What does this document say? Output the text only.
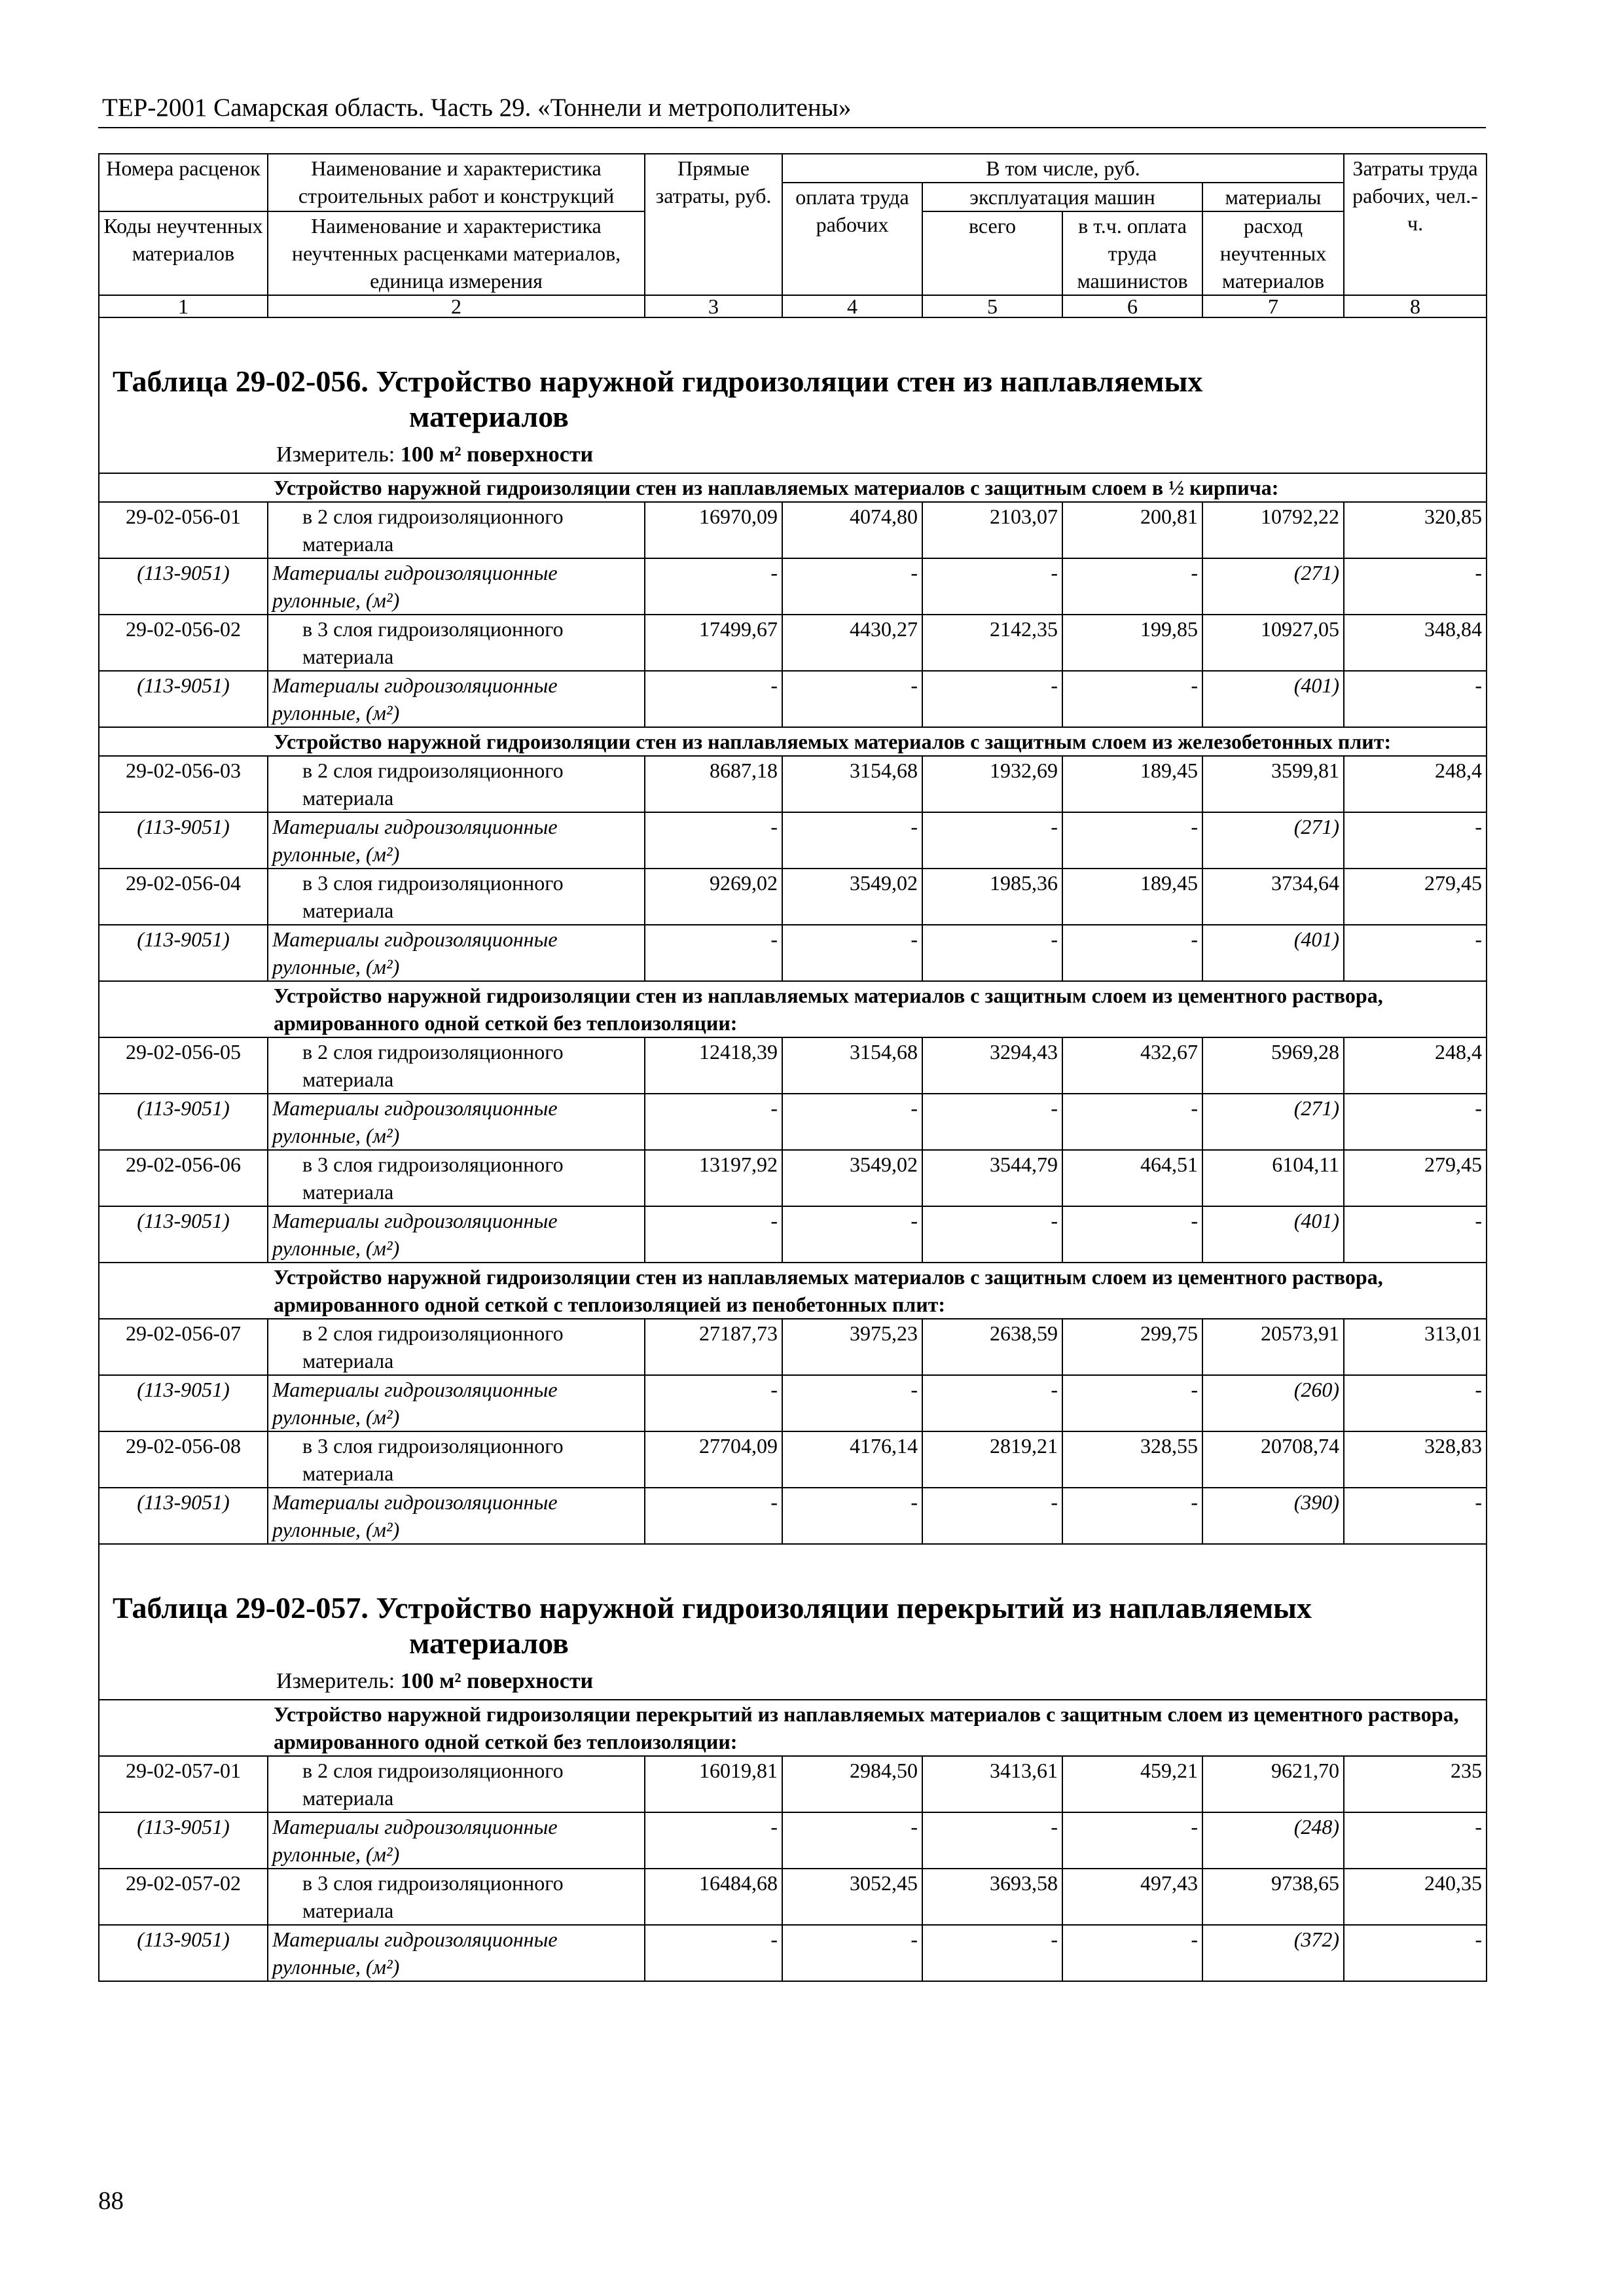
ТЕР-2001 Самарская область. Часть 29. «Тоннели и метрополитены»
Номера расценок	Наименование и характеристика строительных работ и конструкций	Прямые затраты, руб.	В том числе, руб.				Затраты труда рабочих, чел.-ч.
			оплата труда рабочих	эксплуатация машин		материалы	
Коды неучтенных материалов	Наименование и характеристика неучтенных расценками материалов, единица измерения			всего	в т.ч. оплата труда машинистов	расход неучтенных материалов	

1	2	3	4	5	6	7	8

Таблица 29-02-056. Устройство наружной гидроизоляции стен из наплавляемых
материалов
Измеритель: 100 м² поверхности							

Устройство наружной гидроизоляции стен из наплавляемых материалов с защитным слоем в ½ кирпича:							

29-02-056-01	в 2 слоя гидроизоляционного материала	16970,09	4074,80	2103,07	200,81	10792,22	320,85
(113-9051)	Материалы гидроизоляционные рулонные, (м²)	-	-	-	-	(271)	-
29-02-056-02	в 3 слоя гидроизоляционного материала	17499,67	4430,27	2142,35	199,85	10927,05	348,84
(113-9051)	Материалы гидроизоляционные рулонные, (м²)	-	-	-	-	(401)	-

Устройство наружной гидроизоляции стен из наплавляемых материалов с защитным слоем из железобетонных плит:							

29-02-056-03	в 2 слоя гидроизоляционного материала	8687,18	3154,68	1932,69	189,45	3599,81	248,4
(113-9051)	Материалы гидроизоляционные рулонные, (м²)	-	-	-	-	(271)	-
29-02-056-04	в 3 слоя гидроизоляционного материала	9269,02	3549,02	1985,36	189,45	3734,64	279,45
(113-9051)	Материалы гидроизоляционные рулонные, (м²)	-	-	-	-	(401)	-

Устройство наружной гидроизоляции стен из наплавляемых материалов с защитным слоем из цементного раствора, армированного одной сеткой без теплоизоляции:							

29-02-056-05	в 2 слоя гидроизоляционного материала	12418,39	3154,68	3294,43	432,67	5969,28	248,4
(113-9051)	Материалы гидроизоляционные рулонные, (м²)	-	-	-	-	(271)	-
29-02-056-06	в 3 слоя гидроизоляционного материала	13197,92	3549,02	3544,79	464,51	6104,11	279,45
(113-9051)	Материалы гидроизоляционные рулонные, (м²)	-	-	-	-	(401)	-

Устройство наружной гидроизоляции стен из наплавляемых материалов с защитным слоем из цементного раствора, армированного одной сеткой с теплоизоляцией из пенобетонных плит:							

29-02-056-07	в 2 слоя гидроизоляционного материала	27187,73	3975,23	2638,59	299,75	20573,91	313,01
(113-9051)	Материалы гидроизоляционные рулонные, (м²)	-	-	-	-	(260)	-
29-02-056-08	в 3 слоя гидроизоляционного материала	27704,09	4176,14	2819,21	328,55	20708,74	328,83
(113-9051)	Материалы гидроизоляционные рулонные, (м²)	-	-	-	-	(390)	-

Таблица 29-02-057. Устройство наружной гидроизоляции перекрытий из наплавляемых
материалов
Измеритель: 100 м² поверхности							

Устройство наружной гидроизоляции перекрытий из наплавляемых материалов с защитным слоем из цементного раствора, армированного одной сеткой без теплоизоляции:							

29-02-057-01	в 2 слоя гидроизоляционного материала	16019,81	2984,50	3413,61	459,21	9621,70	235
(113-9051)	Материалы гидроизоляционные рулонные, (м²)	-	-	-	-	(248)	-
29-02-057-02	в 3 слоя гидроизоляционного материала	16484,68	3052,45	3693,58	497,43	9738,65	240,35
(113-9051)	Материалы гидроизоляционные рулонные, (м²)	-	-	-	-	(372)	-
88
